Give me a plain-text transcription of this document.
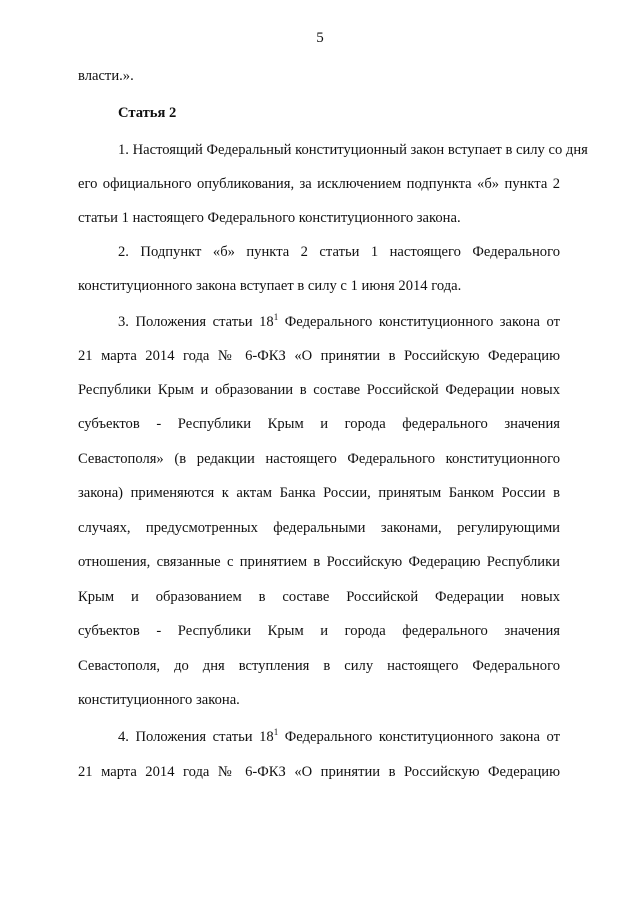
5
власти.».
Статья 2
1. Настоящий Федеральный конституционный закон вступает в силу со дня
его официального опубликования, за исключением подпункта «б» пункта 2
статьи 1 настоящего Федерального конституционного закона.
2. Подпункт «б» пункта 2 статьи 1 настоящего Федерального
конституционного закона вступает в силу с 1 июня 2014 года.
3. Положения статьи $18^1$ Федерального конституционного закона от
21 марта 2014 года № 6-ФКЗ «О принятии в Российскую Федерацию
Республики Крым и образовании в составе Российской Федерации новых
субъектов - Республики Крым и города федерального значения
Севастополя» (в редакции настоящего Федерального конституционного
закона) применяются к актам Банка России, принятым Банком России в
случаях, предусмотренных федеральными законами, регулирующими
отношения, связанные с принятием в Российскую Федерацию Республики
Крым и образованием в составе Российской Федерации новых
субъектов - Республики Крым и города федерального значения
Севастополя, до дня вступления в силу настоящего Федерального
конституционного закона.
4. Положения статьи $18^1$ Федерального конституционного закона от
21 марта 2014 года № 6-ФКЗ «О принятии в Российскую Федерацию
